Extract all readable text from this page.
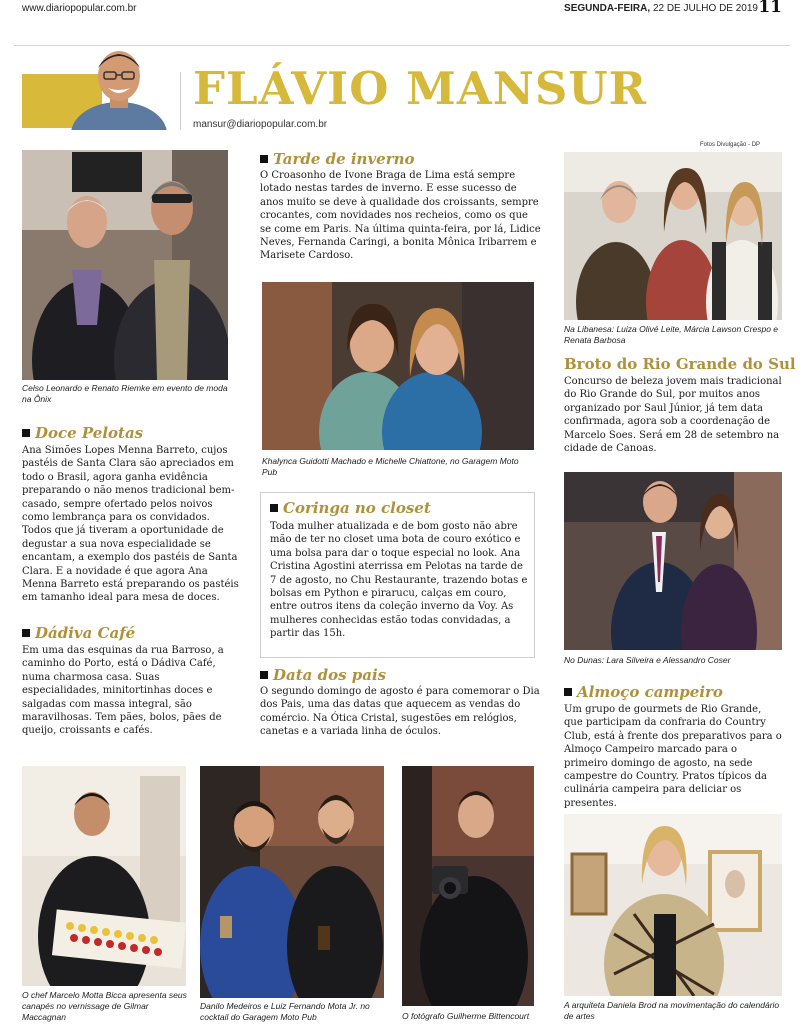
www.diariopopular.com.br	SEGUNDA-FEIRA, 22 DE JULHO DE 2019 11
FLÁVIO MANSUR
mansur@diariopopular.com.br
Fotos Divulgação - DP
Celso Leonardo e Renato Riemke em evento de moda na Ônix
Doce Pelotas
Ana Simões Lopes Menna Barreto, cujos pastéis de Santa Clara são apreciados em todo o Brasil, agora ganha evidência preparando o não menos tradicional bem-casado, sempre ofertado pelos noivos como lembrança para os convidados. Todos que já tiveram a oportunidade de degustar a sua nova especialidade se encantam, a exemplo dos pastéis de Santa Clara. E a novidade é que agora Ana Menna Barreto está preparando os pastéis em tamanho ideal para mesa de doces.
Dádiva Café
Em uma das esquinas da rua Barroso, a caminho do Porto, está o Dádiva Café, numa charmosa casa. Suas especialidades, minitortinhas doces e salgadas com massa integral, são maravilhosas. Tem pães, bolos, pães de queijo, croissants e cafés.
Tarde de inverno
O Croasonho de Ivone Braga de Lima está sempre lotado nestas tardes de inverno. E esse sucesso de anos muito se deve à qualidade dos croissants, sempre crocantes, com novidades nos recheios, como os que se come em Paris. Na última quinta-feira, por lá, Lidice Neves, Fernanda Caringi, a bonita Mônica Iribarrem e Marisete Cardoso.
Khalynca Guidotti Machado e Michelle Chiattone, no Garagem Moto Pub
Coringa no closet
Toda mulher atualizada e de bom gosto não abre mão de ter no closet uma bota de couro exótico e uma bolsa para dar o toque especial no look. Ana Cristina Agostini aterrissa em Pelotas na tarde de 7 de agosto, no Chu Restaurante, trazendo botas e bolsas em Python e pirarucu, calças em couro, entre outros itens da coleção inverno da Voy. As mulheres conhecidas estão todas convidadas, a partir das 15h.
Data dos pais
O segundo domingo de agosto é para comemorar o Dia dos Pais, uma das datas que aquecem as vendas do comércio. Na Ótica Cristal, sugestões em relógios, canetas e a variada linha de óculos.
Na Libanesa: Luiza Olivé Leite, Márcia Lawson Crespo e Renata Barbosa
Broto do Rio Grande do Sul
Concurso de beleza jovem mais tradicional do Rio Grande do Sul, por muitos anos organizado por Saul Júnior, já tem data confirmada, agora sob a coordenação de Marcelo Soes. Será em 28 de setembro na cidade de Canoas.
No Dunas: Lara Silveira e Alessandro Coser
Almoço campeiro
Um grupo de gourmets de Rio Grande, que participam da confraria do Country Club, está à frente dos preparativos para o Almoço Campeiro marcado para o primeiro domingo de agosto, na sede campestre do Country. Pratos típicos da culinária campeira para deliciar os presentes.
O chef Marcelo Motta Bicca apresenta seus canapés no vernissage de Gilmar Maccagnan
Danilo Medeiros e Luiz Fernando Mota Jr. no cocktail do Garagem Moto Pub	O fotógrafo Guilherme Bittencourt
A arquiteta Daniela Brod na movimentação do calendário de artes
